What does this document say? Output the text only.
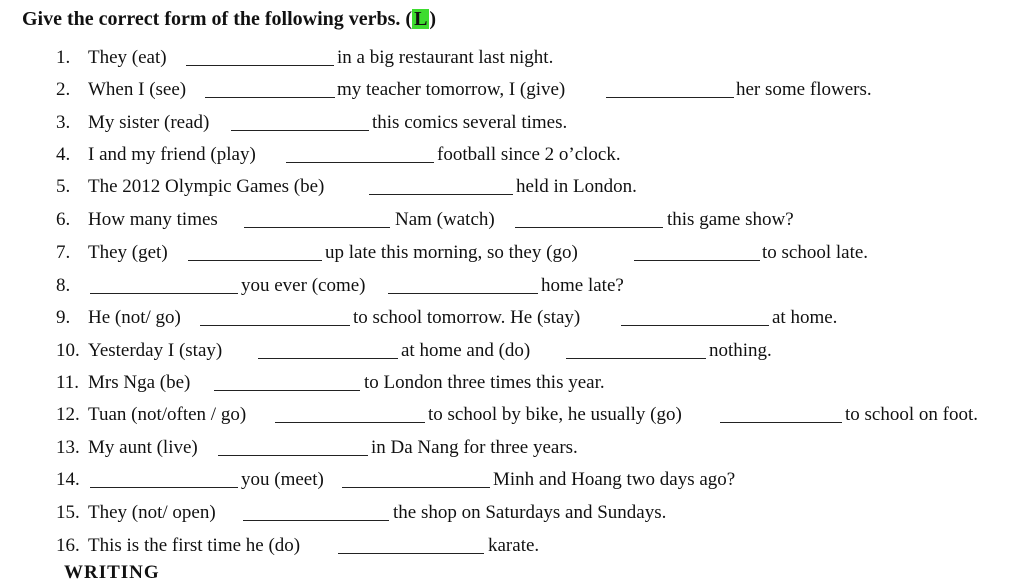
Give the correct form of the following verbs. ( L )
1. They (eat)	in a big restaurant last night.
2. When I (see)	my teacher tomorrow, I (give)	her some flowers.
3. My sister (read)	this comics several times.
4. I and my friend (play)	football since 2 o’clock.
5. The 2012 Olympic Games (be)	held in London.
6. How many times	Nam (watch)	this game show?
7. They (get)	up late this morning, so they (go)	to school late.
8.	you ever (come)	home late?
9. He (not/ go)	to school tomorrow. He (stay)	at home.
10. Yesterday I (stay)	at home and (do)	nothing.
11. Mrs Nga (be)	to London three times this year.
12. Tuan (not/often / go)	to school by bike, he usually (go)	to school on foot.
13. My aunt (live)	in Da Nang for three years.
14.	you (meet)	Minh and Hoang two days ago?
15. They (not/ open)	the shop on Saturdays and Sundays.
16. This is the first time he (do)	karate.
WRITING
